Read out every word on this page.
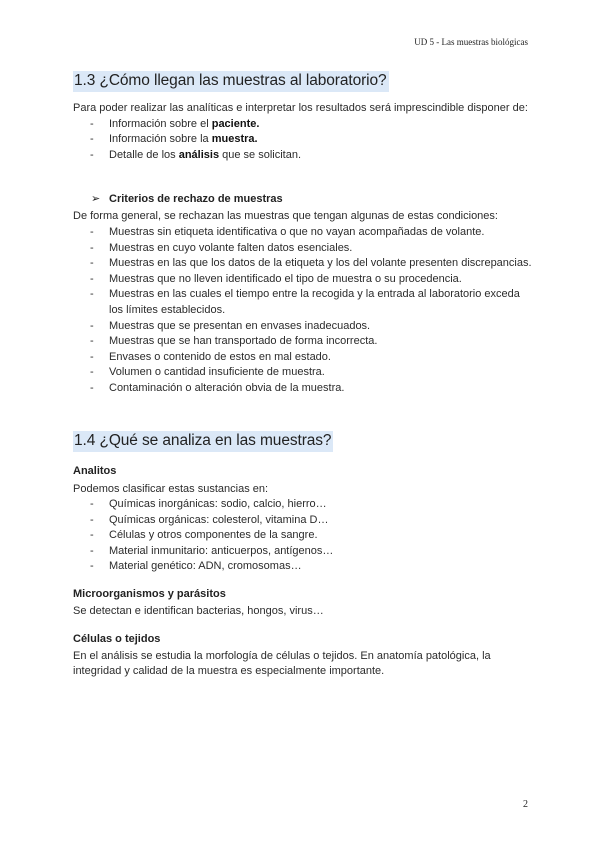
UD 5 - Las muestras biológicas
1.3 ¿Cómo llegan las muestras al laboratorio?

Para poder realizar las analíticas e interpretar los resultados será imprescindible disponer de:

- Información sobre el paciente.
- Información sobre la muestra.
- Detalle de los análisis que se solicitan.
➢ Criterios de rechazo de muestras

De forma general, se rechazan las muestras que tengan algunas de estas condiciones:

- Muestras sin etiqueta identificativa o que no vayan acompañadas de volante.
- Muestras en cuyo volante falten datos esenciales.
- Muestras en las que los datos de la etiqueta y los del volante presenten discrepancias.
- Muestras que no lleven identificado el tipo de muestra o su procedencia.
- Muestras en las cuales el tiempo entre la recogida y la entrada al laboratorio exceda los límites establecidos.
- Muestras que se presentan en envases inadecuados.
- Muestras que se han transportado de forma incorrecta.
- Envases o contenido de estos en mal estado.
- Volumen o cantidad insuficiente de muestra.
- Contaminación o alteración obvia de la muestra.
1.4 ¿Qué se analiza en las muestras?
Analitos

Podemos clasificar estas sustancias en:

- Químicas inorgánicas: sodio, calcio, hierro…
- Químicas orgánicas: colesterol, vitamina D…
- Células y otros componentes de la sangre.
- Material inmunitario: anticuerpos, antígenos…
- Material genético: ADN, cromosomas…
Microorganismos y parásitos

Se detectan e identifican bacterias, hongos, virus…

Células o tejidos

En el análisis se estudia la morfología de células o tejidos. En anatomía patológica, la integridad y calidad de la muestra es especialmente importante.

2
